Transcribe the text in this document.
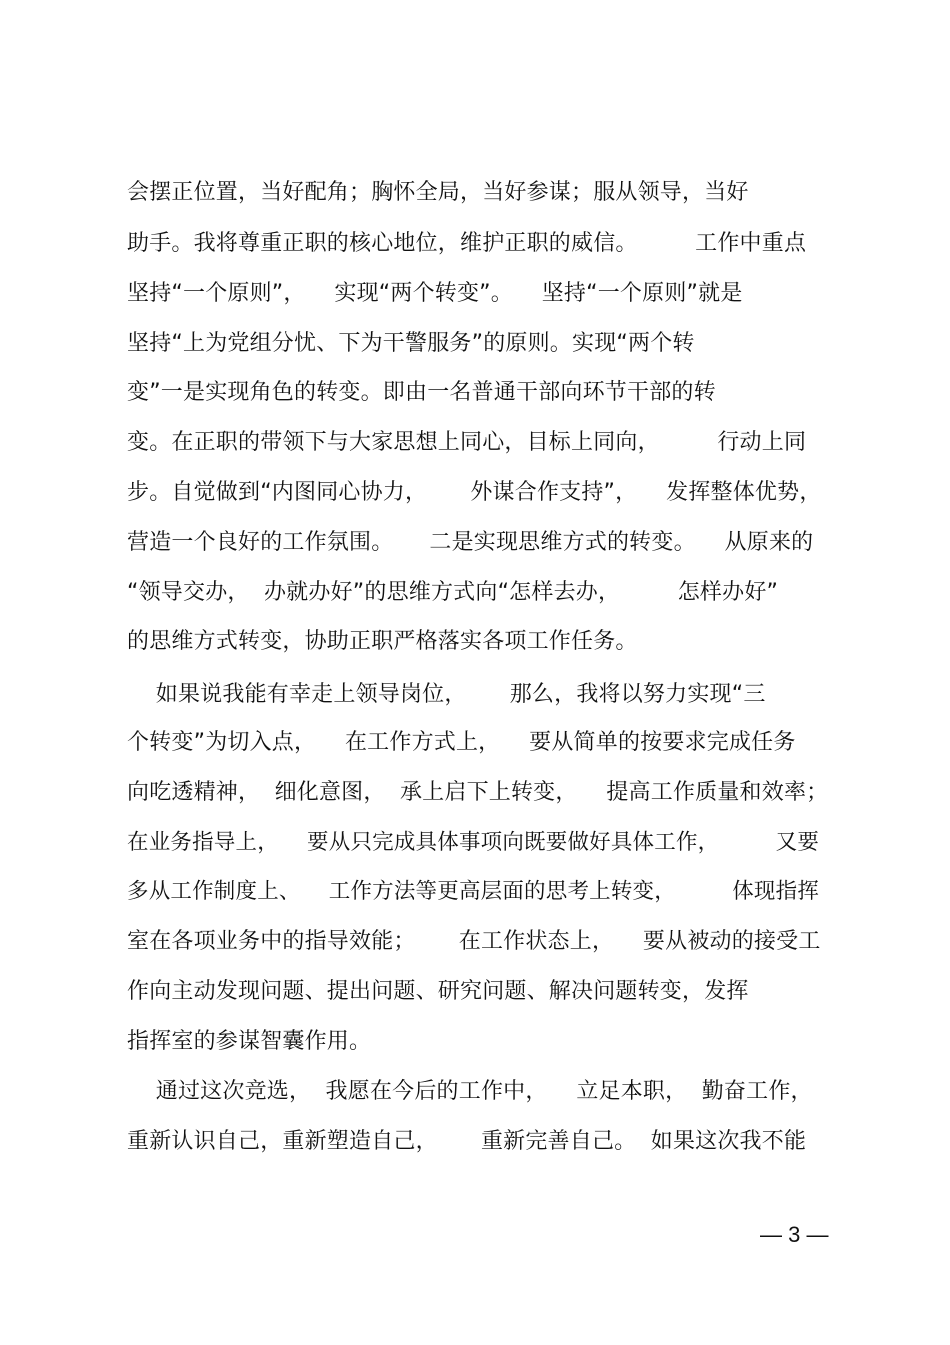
会摆正位置，当好配角；胸怀全局，当好参谋；服从领导，当好
助手。我将尊重正职的核心地位，维护正职的威信。        工作中重点
坚持“一个原则”，    实现“两个转变”。    坚持“一个原则”就是
坚持“上为党组分忧、下为干警服务”的原则。实现“两个转
变”一是实现角色的转变。即由一名普通干部向环节干部的转
变。在正职的带领下与大家思想上同心，目标上同向，        行动上同
步。自觉做到“内图同心协力，      外谋合作支持”，    发挥整体优势，
营造一个良好的工作氛围。     二是实现思维方式的转变。    从原来的
“领导交办，  办就办好”的思维方式向“怎样去办，        怎样办好”
的思维方式转变，协助正职严格落实各项工作任务。
如果说我能有幸走上领导岗位，      那么，我将以努力实现“三
个转变”为切入点，    在工作方式上，    要从简单的按要求完成任务
向吃透精神，  细化意图，  承上启下上转变，    提高工作质量和效率；
在业务指导上，    要从只完成具体事项向既要做好具体工作，        又要
多从工作制度上、    工作方法等更高层面的思考上转变，        体现指挥
室在各项业务中的指导效能；      在工作状态上，    要从被动的接受工
作向主动发现问题、提出问题、研究问题、解决问题转变，发挥
指挥室的参谋智囊作用。
通过这次竞选，  我愿在今后的工作中，    立足本职，  勤奋工作，
重新认识自己，重新塑造自己，      重新完善自己。  如果这次我不能
— 3 —
